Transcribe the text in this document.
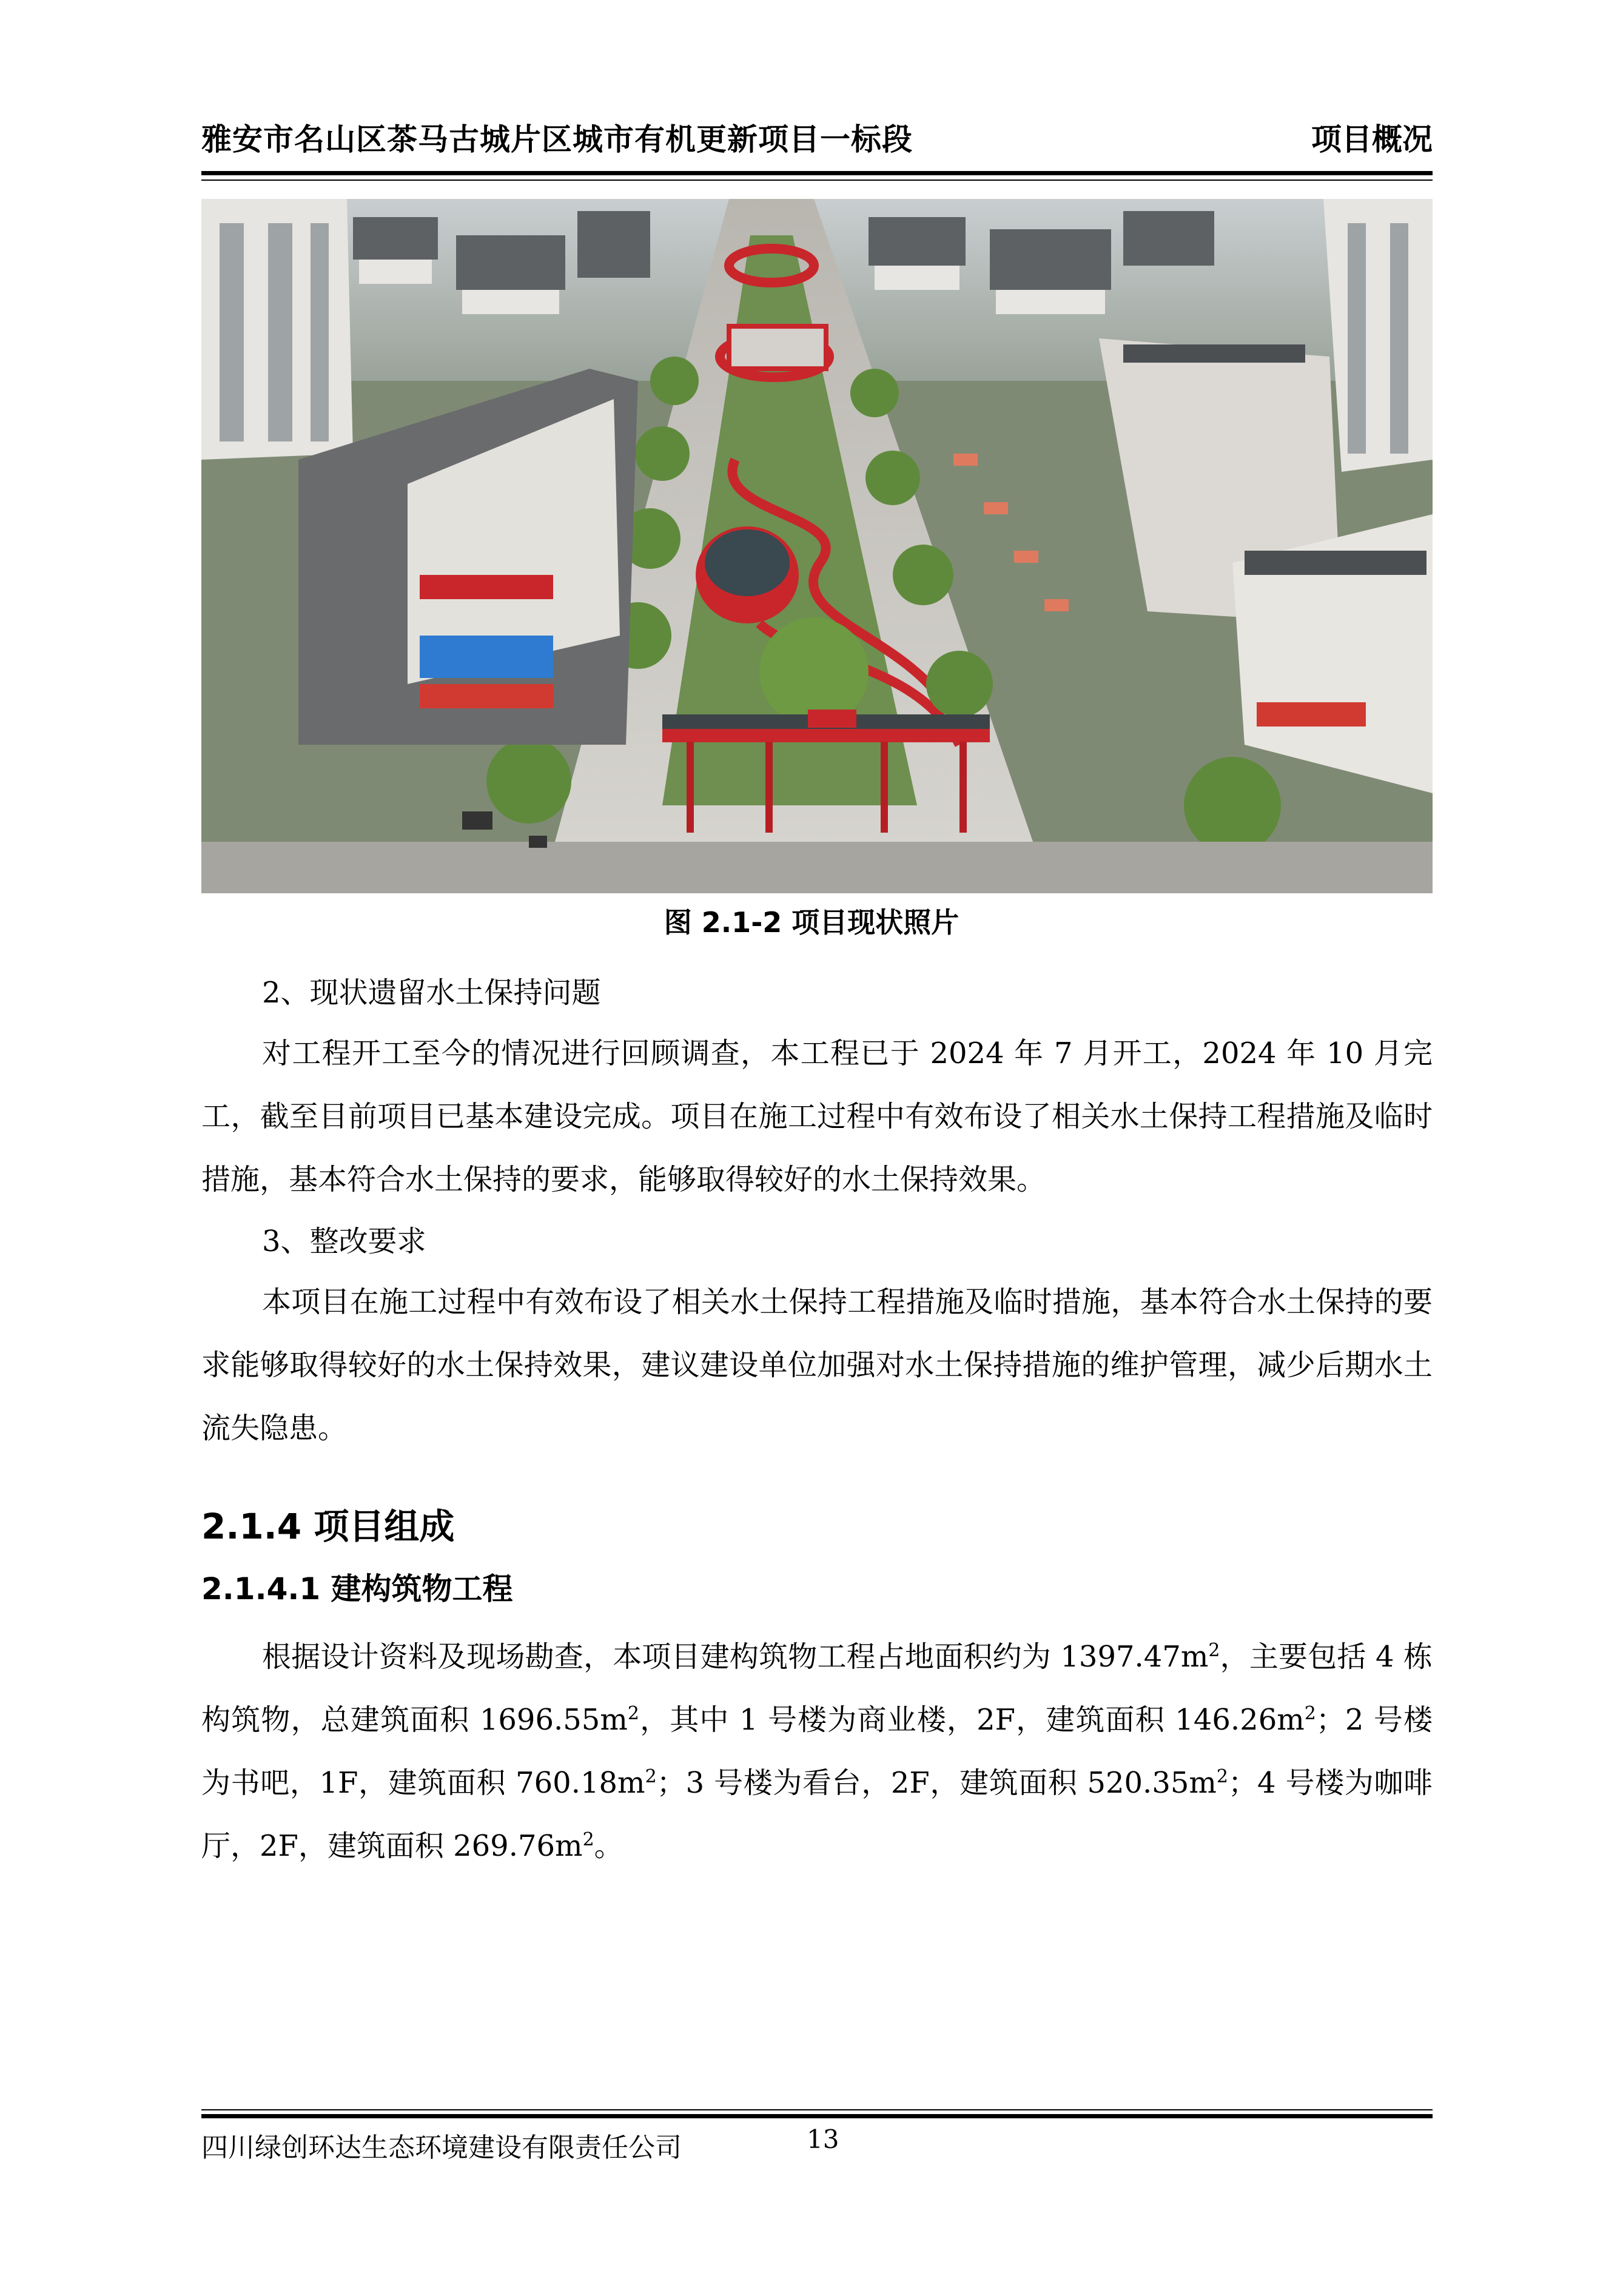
雅安市名山区茶马古城片区城市有机更新项目一标段	项目概况
图 2.1-2 项目现状照片
2、现状遗留水土保持问题
对工程开工至今的情况进行回顾调查，本工程已于 2024 年 7 月开工，2024 年 10 月完工，截至目前项目已基本建设完成。项目在施工过程中有效布设了相关水土保持工程措施及临时措施，基本符合水土保持的要求，能够取得较好的水土保持效果。
3、整改要求
本项目在施工过程中有效布设了相关水土保持工程措施及临时措施，基本符合水土保持的要求能够取得较好的水土保持效果，建议建设单位加强对水土保持措施的维护管理，减少后期水土流失隐患。
2.1.4 项目组成
2.1.4.1 建构筑物工程
根据设计资料及现场勘查，本项目建构筑物工程占地面积约为 $1397.47m^2$，主要包括 4 栋构筑物，总建筑面积 $1696.55m^2$，其中 1 号楼为商业楼，2F，建筑面积 $146.26m^2$；2 号楼为书吧，1F，建筑面积 $760.18m^2$；3 号楼为看台，2F，建筑面积 $520.35m^2$；4 号楼为咖啡厅，2F，建筑面积 $269.76m^2$。
四川绿创环达生态环境建设有限责任公司	13
